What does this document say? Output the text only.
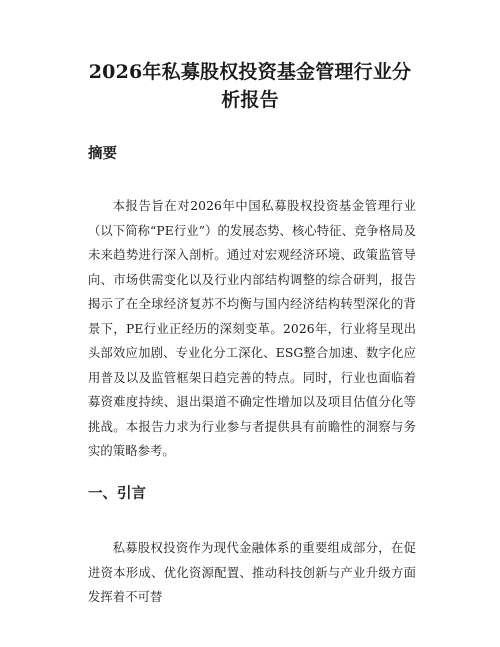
2026年私募股权投资基金管理行业分析报告
摘要

本报告旨在对2026年中国私募股权投资基金管理行业（以下简称“PE行业”）的发展态势、核心特征、竞争格局及未来趋势进行深入剖析。通过对宏观经济环境、政策监管导向、市场供需变化以及行业内部结构调整的综合研判，报告揭示了在全球经济复苏不均衡与国内经济结构转型深化的背景下，PE行业正经历的深刻变革。2026年，行业将呈现出头部效应加剧、专业化分工深化、ESG整合加速、数字化应用普及以及监管框架日趋完善的特点。同时，行业也面临着募资难度持续、退出渠道不确定性增加以及项目估值分化等挑战。本报告力求为行业参与者提供具有前瞻性的洞察与务实的策略参考。

一、引言

私募股权投资作为现代金融体系的重要组成部分，在促进资本形成、优化资源配置、推动科技创新与产业升级方面发挥着不可替
